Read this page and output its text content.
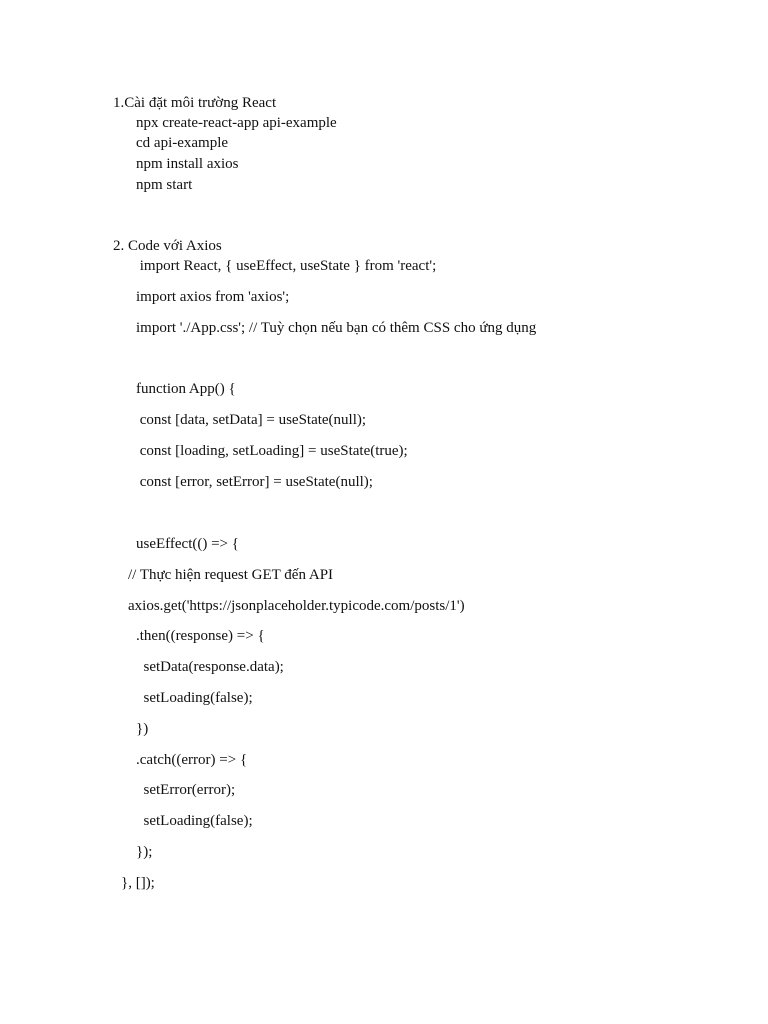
1.Cài đặt môi trường React
npx create-react-app api-example
cd api-example
npm install axios
npm start
2. Code với Axios
import React, { useEffect, useState } from 'react';
import axios from 'axios';
import './App.css'; // Tuỳ chọn nếu bạn có thêm CSS cho ứng dụng
function App() {
const [data, setData] = useState(null);
const [loading, setLoading] = useState(true);
const [error, setError] = useState(null);
useEffect(() => {
// Thực hiện request GET đến API
axios.get('https://jsonplaceholder.typicode.com/posts/1')
.then((response) => {
setData(response.data);
setLoading(false);
})
.catch((error) => {
setError(error);
setLoading(false);
});
}, []);
